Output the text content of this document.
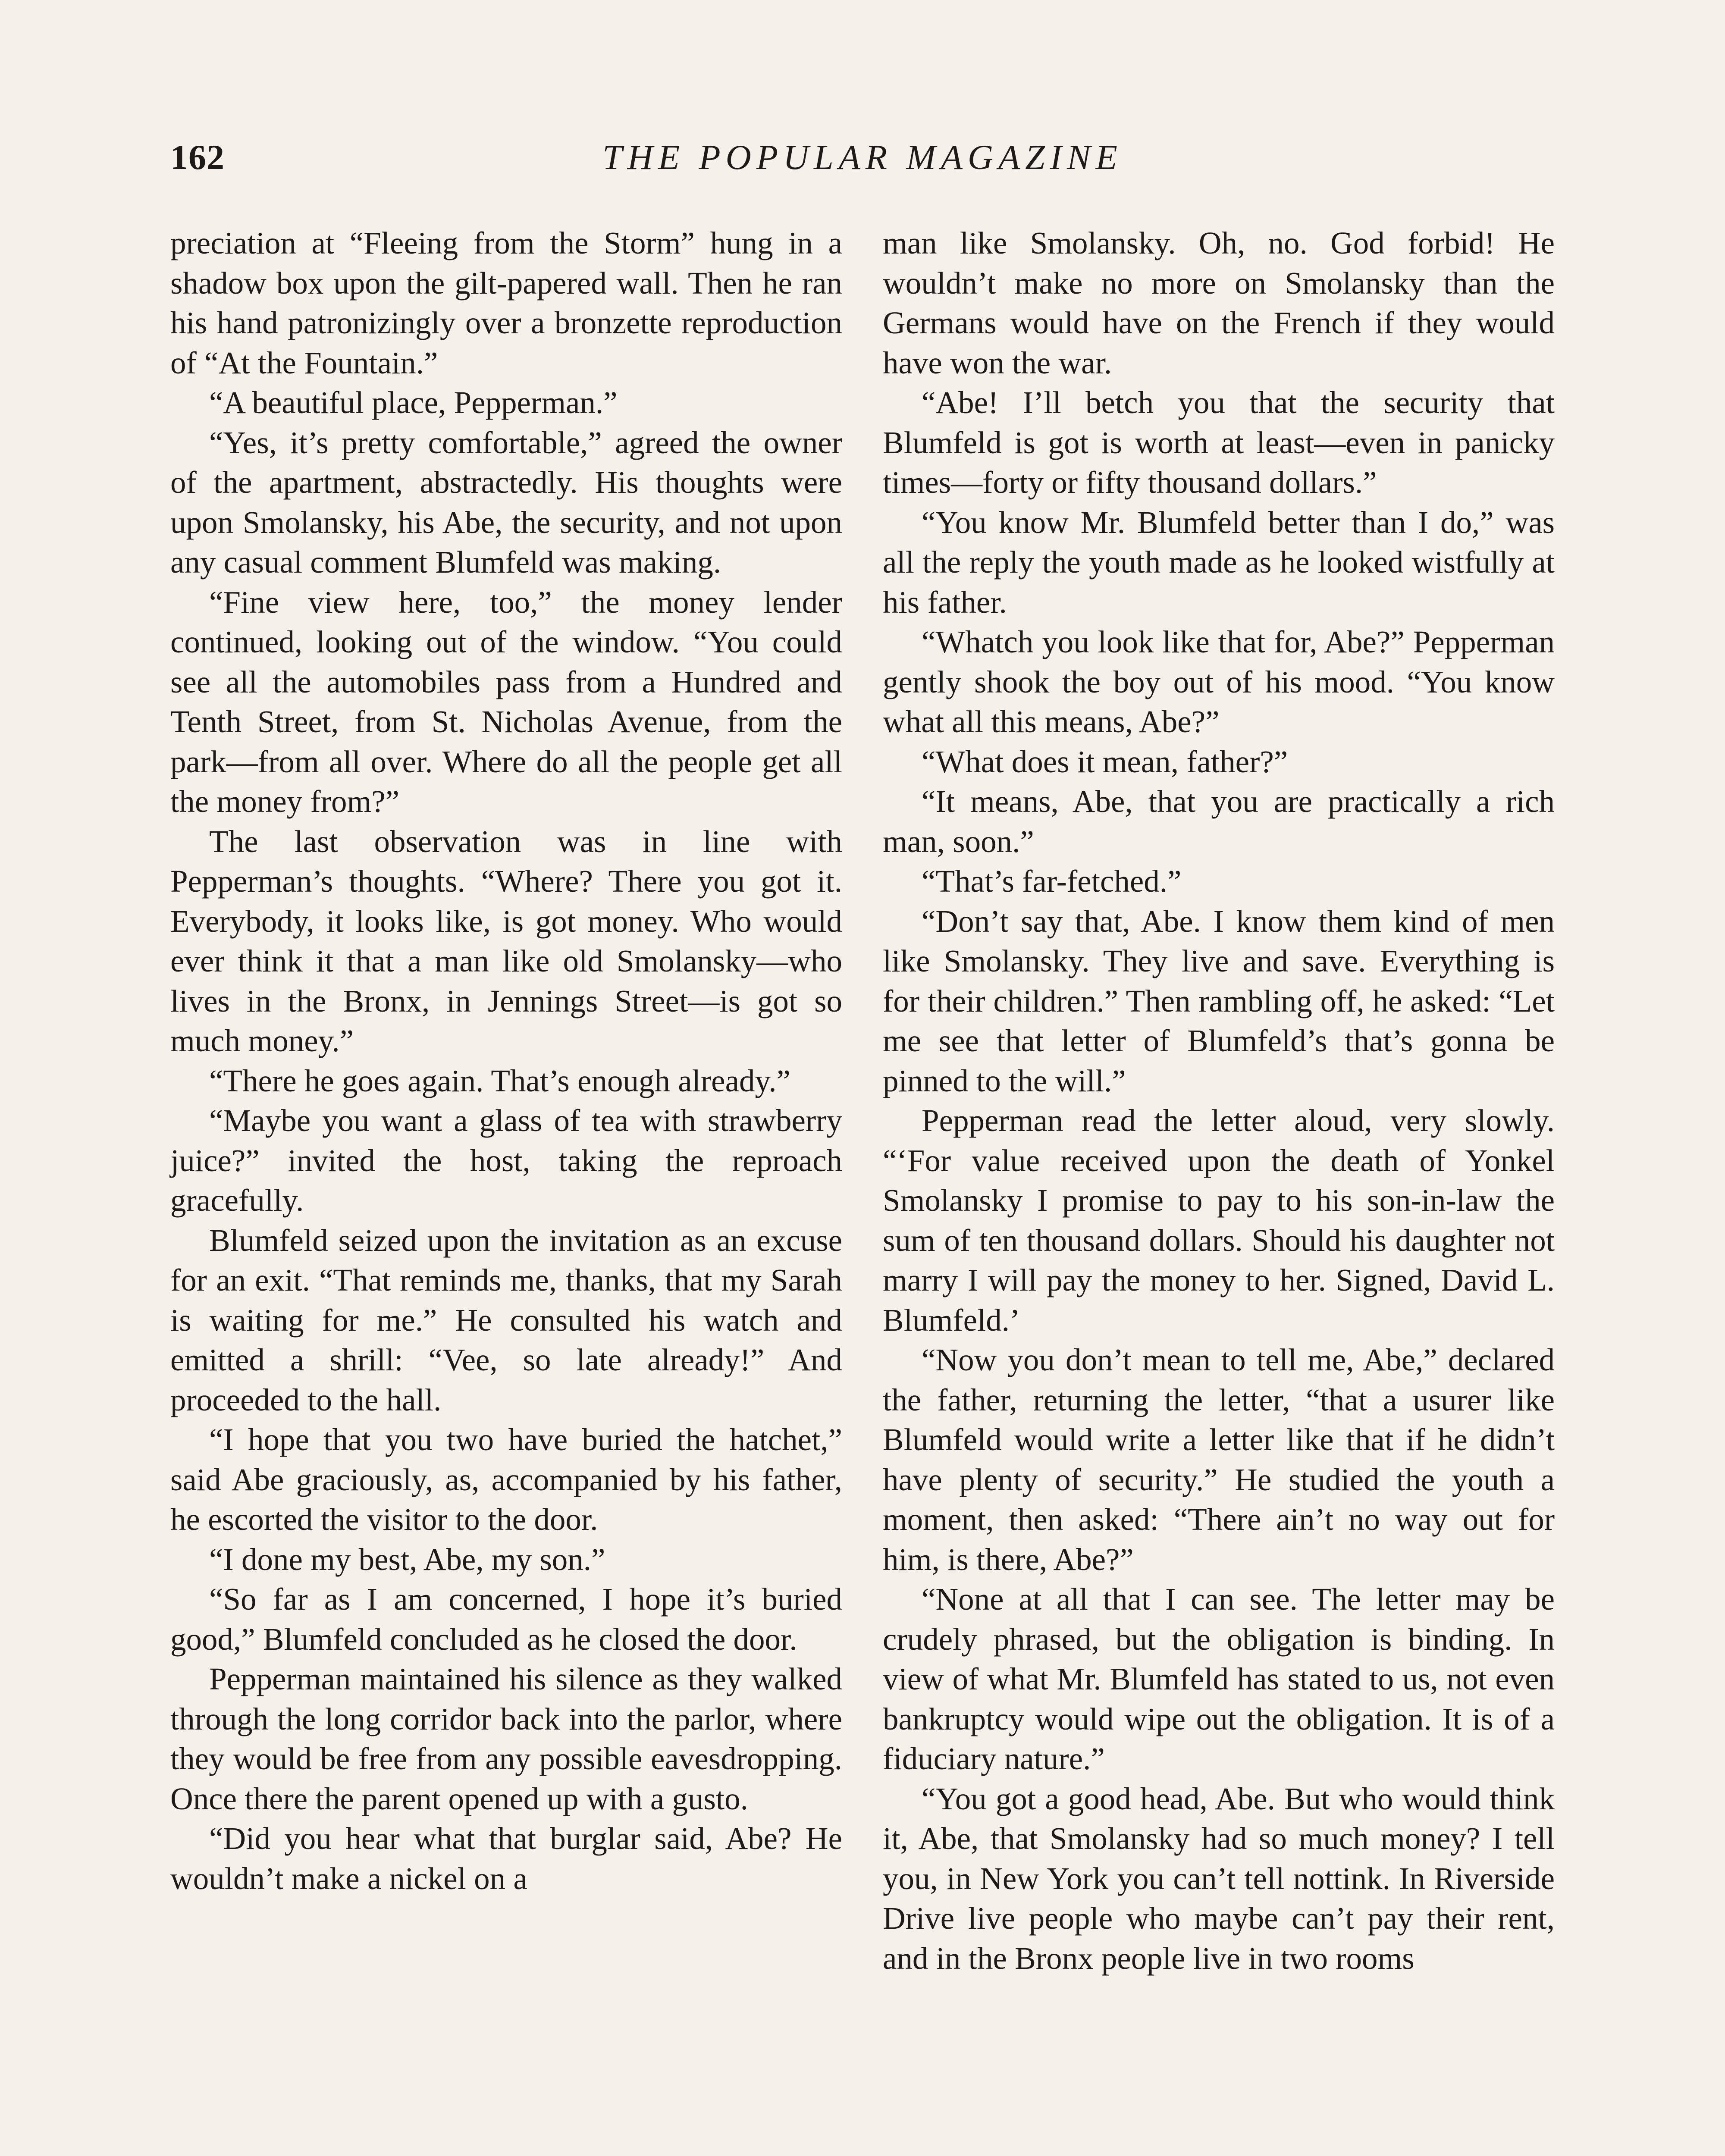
162	THE POPULAR MAGAZINE

preciation at “Fleeing from the Storm” hung in a shadow box upon the gilt-papered wall. Then he ran his hand patronizingly over a bronzette reproduction of “At the Fountain.”

“A beautiful place, Pepperman.”

“Yes, it’s pretty comfortable,” agreed the owner of the apartment, abstractedly. His thoughts were upon Smolansky, his Abe, the security, and not upon any casual comment Blumfeld was making.

“Fine view here, too,” the money lender continued, looking out of the window. “You could see all the automobiles pass from a Hundred and Tenth Street, from St. Nicholas Avenue, from the park—from all over. Where do all the people get all the money from?”

The last observation was in line with Pepperman’s thoughts. “Where? There you got it. Everybody, it looks like, is got money. Who would ever think it that a man like old Smolansky—who lives in the Bronx, in Jennings Street—is got so much money.”

“There he goes again. That’s enough already.”

“Maybe you want a glass of tea with strawberry juice?” invited the host, taking the reproach gracefully.

Blumfeld seized upon the invitation as an excuse for an exit. “That reminds me, thanks, that my Sarah is waiting for me.” He consulted his watch and emitted a shrill: “Vee, so late already!” And proceeded to the hall.

“I hope that you two have buried the hatchet,” said Abe graciously, as, accompanied by his father, he escorted the visitor to the door.

“I done my best, Abe, my son.”

“So far as I am concerned, I hope it’s buried good,” Blumfeld concluded as he closed the door.

Pepperman maintained his silence as they walked through the long corridor back into the parlor, where they would be free from any possible eavesdropping. Once there the parent opened up with a gusto.

“Did you hear what that burglar said, Abe? He wouldn’t make a nickel on a

man like Smolansky. Oh, no. God forbid! He wouldn’t make no more on Smolansky than the Germans would have on the French if they would have won the war.

“Abe! I’ll betch you that the security that Blumfeld is got is worth at least—even in panicky times—forty or fifty thousand dollars.”

“You know Mr. Blumfeld better than I do,” was all the reply the youth made as he looked wistfully at his father.

“Whatch you look like that for, Abe?” Pepperman gently shook the boy out of his mood. “You know what all this means, Abe?”

“What does it mean, father?”

“It means, Abe, that you are practically a rich man, soon.”

“That’s far-fetched.”

“Don’t say that, Abe. I know them kind of men like Smolansky. They live and save. Everything is for their children.” Then rambling off, he asked: “Let me see that letter of Blumfeld’s that’s gonna be pinned to the will.”

Pepperman read the letter aloud, very slowly. “‘For value received upon the death of Yonkel Smolansky I promise to pay to his son-in-law the sum of ten thousand dollars. Should his daughter not marry I will pay the money to her. Signed, David L. Blumfeld.’

“Now you don’t mean to tell me, Abe,” declared the father, returning the letter, “that a usurer like Blumfeld would write a letter like that if he didn’t have plenty of security.” He studied the youth a moment, then asked: “There ain’t no way out for him, is there, Abe?”

“None at all that I can see. The letter may be crudely phrased, but the obligation is binding. In view of what Mr. Blumfeld has stated to us, not even bankruptcy would wipe out the obligation. It is of a fiduciary nature.”

“You got a good head, Abe. But who would think it, Abe, that Smolansky had so much money? I tell you, in New York you can’t tell nottink. In Riverside Drive live people who maybe can’t pay their rent, and in the Bronx people live in two rooms
